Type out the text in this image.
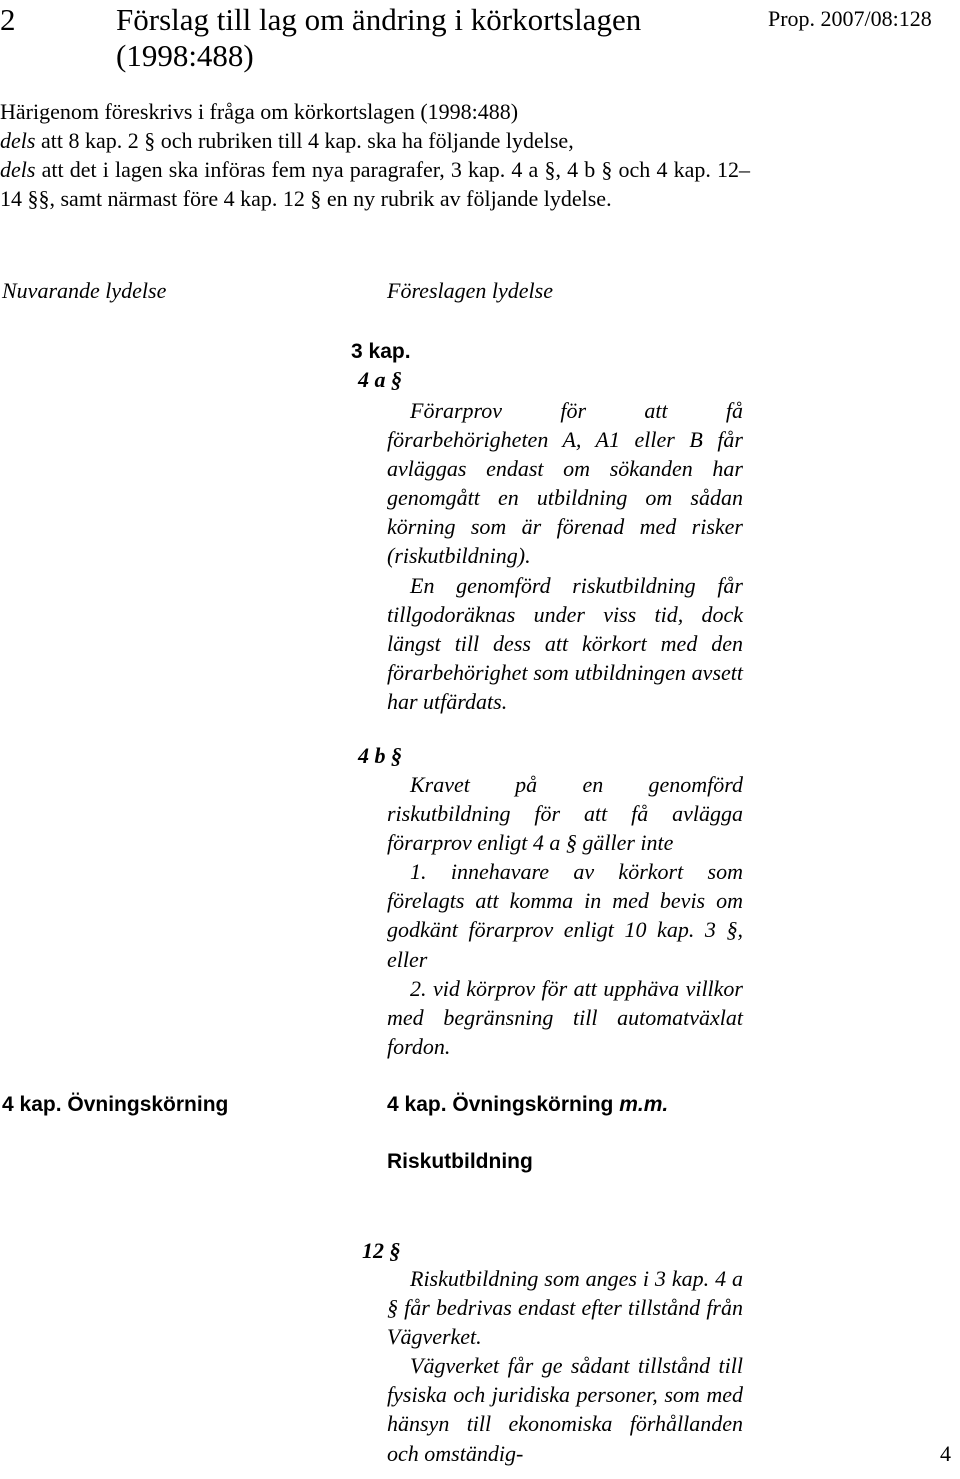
2	Förslag till lag om ändring i körkortslagen (1998:488)
Prop. 2007/08:128
Härigenom föreskrivs i fråga om körkortslagen (1998:488)
dels att 8 kap. 2 § och rubriken till 4 kap. ska ha följande lydelse,
dels att det i lagen ska införas fem nya paragrafer, 3 kap. 4 a §, 4 b § och 4 kap. 12–14 §§, samt närmast före 4 kap. 12 § en ny rubrik av följande lydelse.
Nuvarande lydelse	Föreslagen lydelse
3 kap.
4 a §

Förarprov för att få förarbehörigheten A, A1 eller B får avläggas endast om sökanden har genomgått en utbildning om sådan körning som är förenad med risker (riskutbildning).

En genomförd riskutbildning får tillgodoräknas under viss tid, dock längst till dess att körkort med den förarbehörighet som utbildningen avsett har utfärdats.

4 b §

Kravet på en genomförd riskutbildning för att få avlägga förarprov enligt 4 a § gäller inte

1. innehavare av körkort som förelagts att komma in med bevis om godkänt förarprov enligt 10 kap. 3 §, eller

2. vid körprov för att upphäva villkor med begränsning till automatväxlat fordon.

4 kap. Övningskörning	4 kap. Övningskörning m.m.
Riskutbildning
12 §

Riskutbildning som anges i 3 kap. 4 a § får bedrivas endast efter tillstånd från Vägverket.

Vägverket får ge sådant tillstånd till fysiska och juridiska personer, som med hänsyn till ekonomiska förhållanden och omständig-	4
